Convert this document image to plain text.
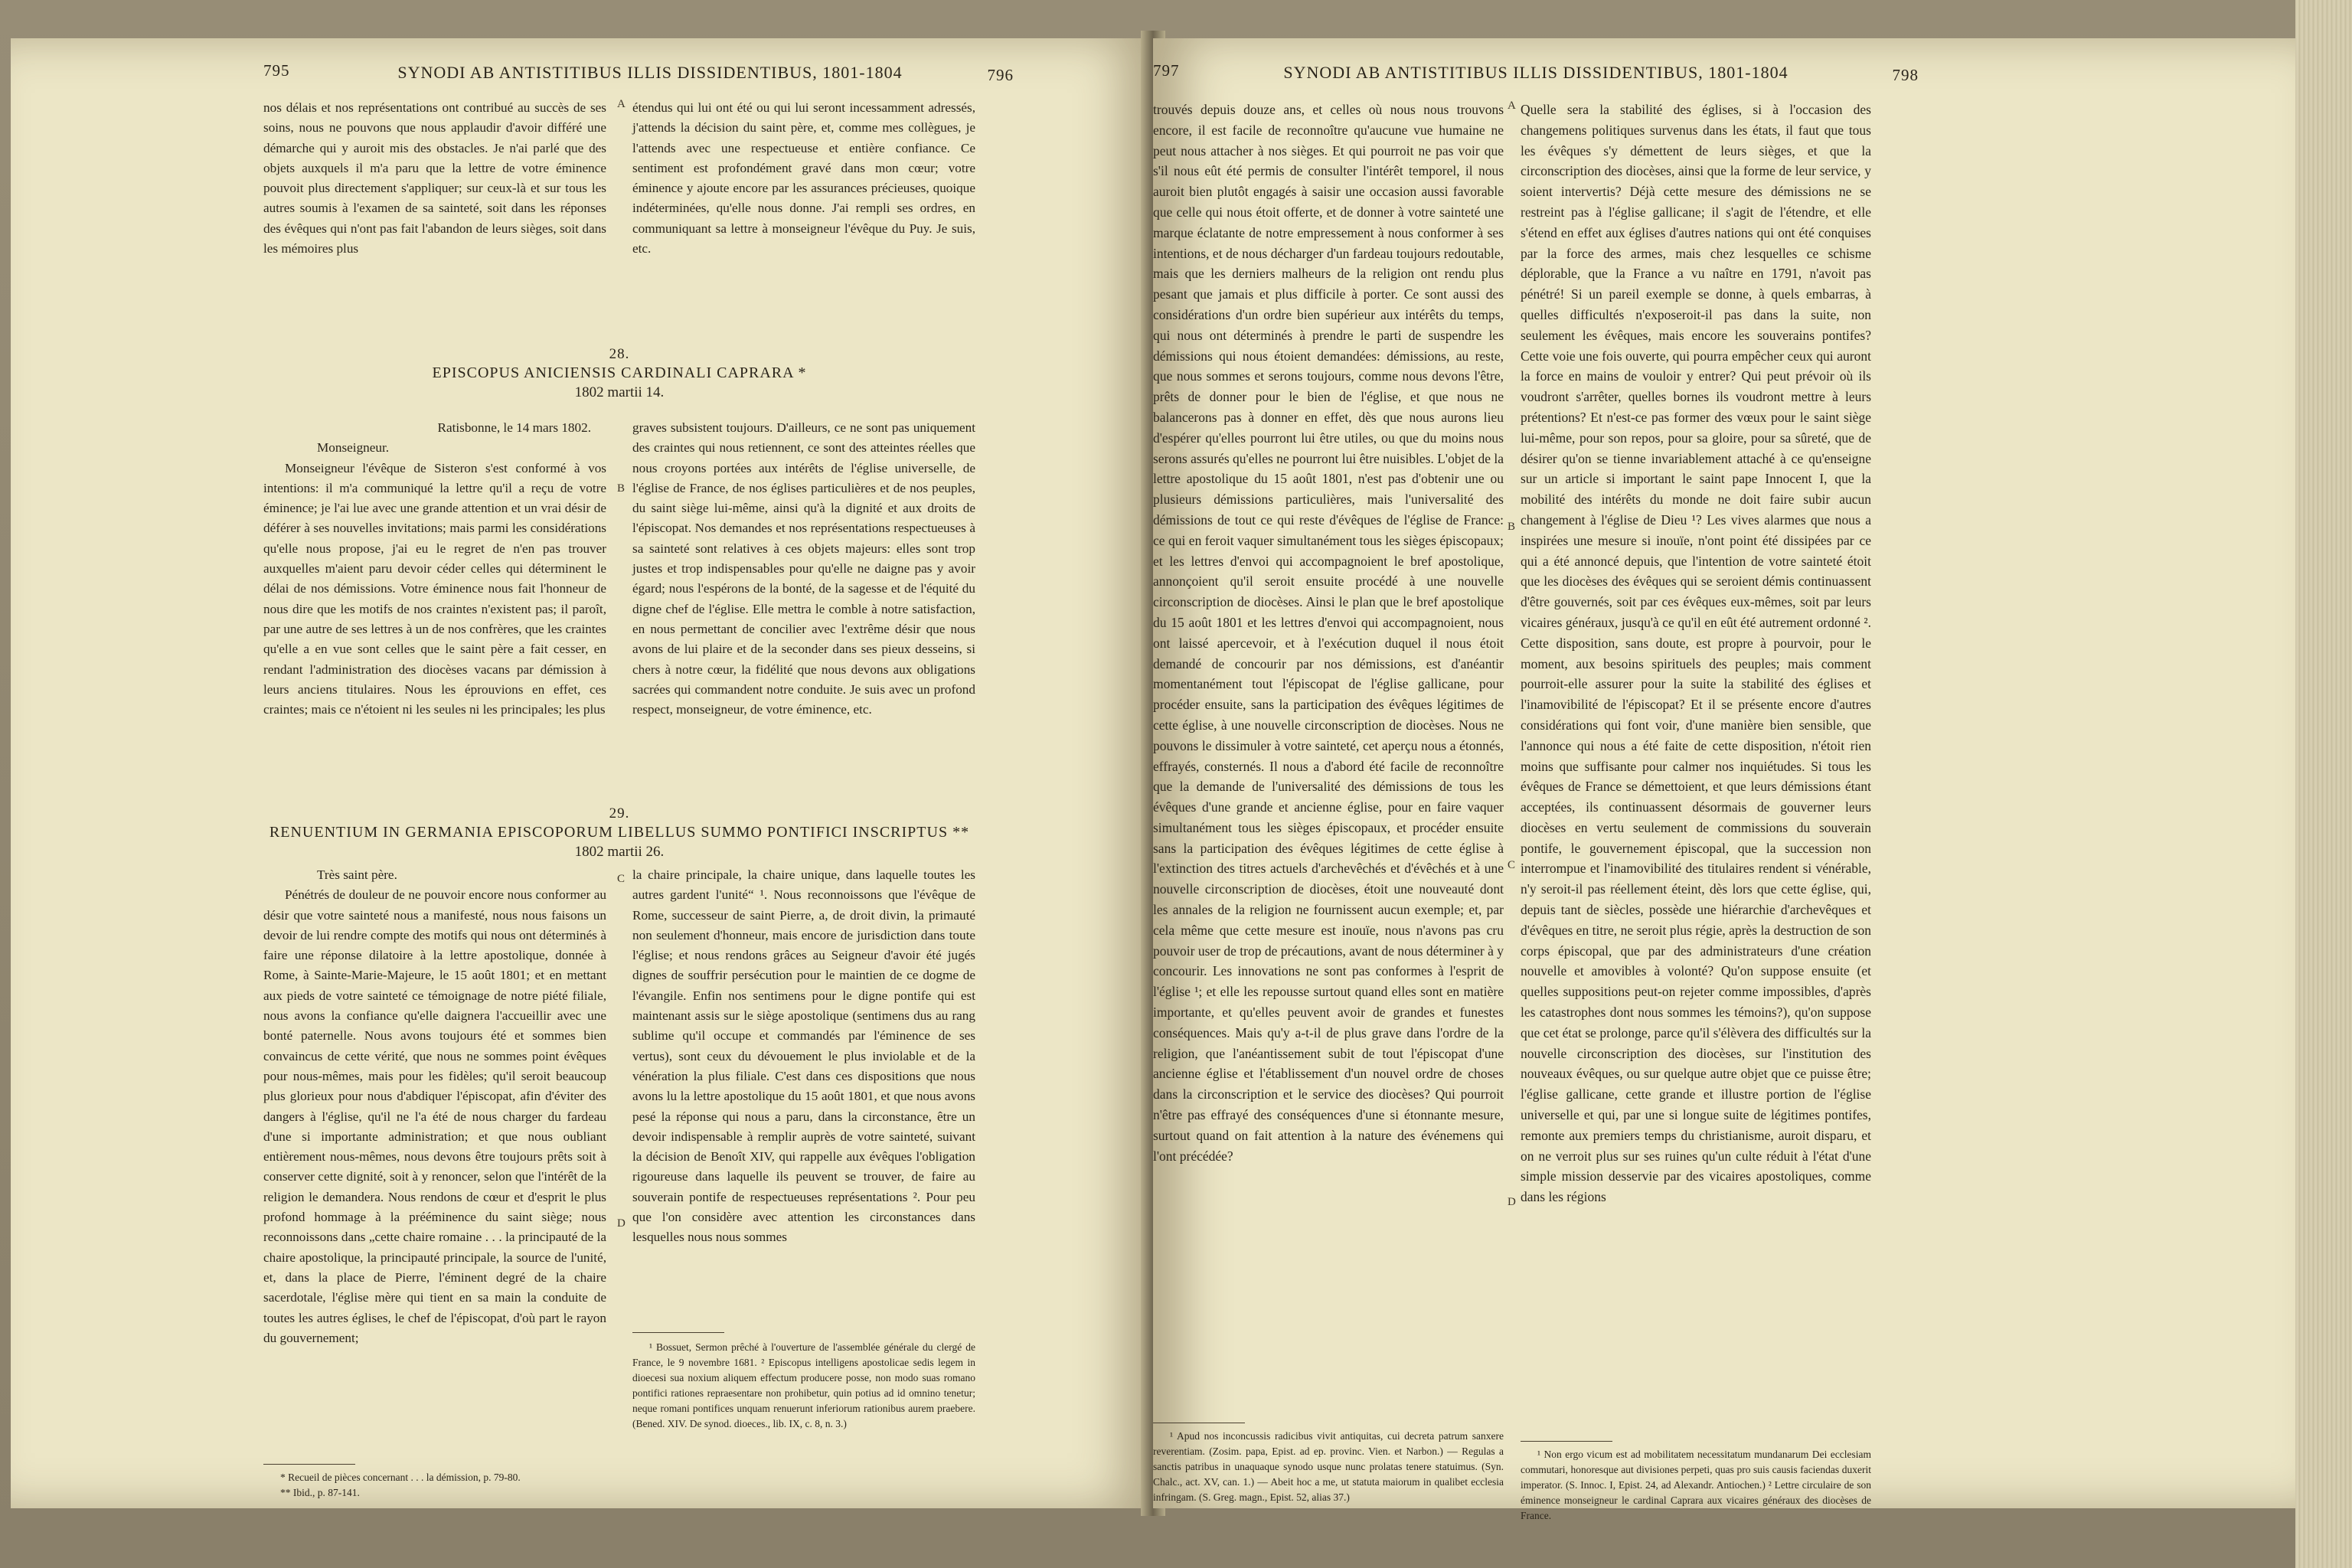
795	SYNODI AB ANTISTITIBUS ILLIS DISSIDENTIBUS, 1801-1804	796

nos délais et nos représentations ont contribué au succès de ses soins, nous ne pouvons que nous applaudir d'avoir différé une démarche qui y auroit mis des obstacles. Je n'ai parlé que des objets auxquels il m'a paru que la lettre de votre éminence pouvoit plus directement s'appliquer; sur ceux-là et sur tous les autres soumis à l'examen de sa sainteté, soit dans les réponses des évêques qui n'ont pas fait l'abandon de leurs sièges, soit dans les mémoires plus

A étendus qui lui ont été ou qui lui seront incessamment adressés, j'attends la décision du saint père, et, comme mes collègues, je l'attends avec une respectueuse et entière confiance. Ce sentiment est profondément gravé dans mon cœur; votre éminence y ajoute encore par les assurances précieuses, quoique indéterminées, qu'elle nous donne. J'ai rempli ses ordres, en communiquant sa lettre à monseigneur l'évêque du Puy. Je suis, etc.

28.
EPISCOPUS ANICIENSIS CARDINALI CAPRARA *
1802 martii 14.

Ratisbonne, le 14 mars 1802.

Monseigneur.

Monseigneur l'évêque de Sisteron s'est conformé à vos intentions: il m'a communiqué la lettre qu'il a reçu de votre éminence; je l'ai lue avec une grande attention et un vrai désir de déférer à ses nouvelles invitations; mais parmi les considérations qu'elle nous propose, j'ai eu le regret de n'en pas trouver auxquelles m'aient paru devoir céder celles qui déterminent le délai de nos démissions. Votre éminence nous fait l'honneur de nous dire que les motifs de nos craintes n'existent pas; il paroît, par une autre de ses lettres à un de nos confrères, que les craintes qu'elle a en vue sont celles que le saint père a fait cesser, en rendant l'administration des diocèses vacans par démission à leurs anciens titulaires. Nous les éprouvions en effet, ces craintes; mais ce n'étoient ni les seules ni les principales; les plus

B

graves subsistent toujours. D'ailleurs, ce ne sont pas uniquement des craintes qui nous retiennent, ce sont des atteintes réelles que nous croyons portées aux intérêts de l'église universelle, de l'église de France, de nos églises particulières et de nos peuples, du saint siège lui-même, ainsi qu'à la dignité et aux droits de l'épiscopat. Nos demandes et nos représentations respectueuses à sa sainteté sont relatives à ces objets majeurs: elles sont trop justes et trop indispensables pour qu'elle ne daigne pas y avoir égard; nous l'espérons de la bonté, de la sagesse et de l'équité du digne chef de l'église. Elle mettra le comble à notre satisfaction, en nous permettant de concilier avec l'extrême désir que nous avons de lui plaire et de la seconder dans ses pieux desseins, si chers à notre cœur, la fidélité que nous devons aux obligations sacrées qui commandent notre conduite. Je suis avec un profond respect, monseigneur, de votre éminence, etc.

29.
RENUENTIUM IN GERMANIA EPISCOPORUM LIBELLUS SUMMO PONTIFICI INSCRIPTUS **
1802 martii 26.

Très saint père.

Pénétrés de douleur de ne pouvoir encore nous conformer au désir que votre sainteté nous a manifesté, nous nous faisons un devoir de lui rendre compte des motifs qui nous ont déterminés à faire une réponse dilatoire à la lettre apostolique, donnée à Rome, à Sainte-Marie-Majeure, le 15 août 1801; et en mettant aux pieds de votre sainteté ce témoignage de notre piété filiale, nous avons la confiance qu'elle daignera l'accueillir avec une bonté paternelle. Nous avons toujours été et sommes bien convaincus de cette vérité, que nous ne sommes point évêques pour nous-mêmes, mais pour les fidèles; qu'il seroit beaucoup plus glorieux pour nous d'abdiquer l'épiscopat, afin d'éviter des dangers à l'église, qu'il ne l'a été de nous charger du fardeau d'une si importante administration; et que nous oubliant entièrement nous-mêmes, nous devons être toujours prêts soit à conserver cette dignité, soit à y renoncer, selon que l'intérêt de la religion le demandera. Nous rendons de cœur et d'esprit le plus profond hommage à la prééminence du saint siège; nous reconnoissons dans „cette chaire romaine . . . la principauté de la chaire apostolique, la principauté principale, la source de l'unité, et, dans la place de Pierre, l'éminent degré de la chaire sacerdotale, l'église mère qui tient en sa main la conduite de toutes les autres églises, le chef de l'épiscopat, d'où part le rayon du gouvernement;

C
D

la chaire principale, la chaire unique, dans laquelle toutes les autres gardent l'unité“ ¹. Nous reconnoissons que l'évêque de Rome, successeur de saint Pierre, a, de droit divin, la primauté non seulement d'honneur, mais encore de jurisdiction dans toute l'église; et nous rendons grâces au Seigneur d'avoir été jugés dignes de souffrir persécution pour le maintien de ce dogme de l'évangile. Enfin nos sentimens pour le digne pontife qui est maintenant assis sur le siège apostolique (sentimens dus au rang sublime qu'il occupe et commandés par l'éminence de ses vertus), sont ceux du dévouement le plus inviolable et de la vénération la plus filiale. C'est dans ces dispositions que nous avons lu la lettre apostolique du 15 août 1801, et que nous avons pesé la réponse qui nous a paru, dans la circonstance, être un devoir indispensable à remplir auprès de votre sainteté, suivant la décision de Benoît XIV, qui rappelle aux évêques l'obligation rigoureuse dans laquelle ils peuvent se trouver, de faire au souverain pontife de respectueuses représentations ². Pour peu que l'on considère avec attention les circonstances dans lesquelles nous nous sommes

¹ Bossuet, Sermon prêché à l'ouverture de l'assemblée générale du clergé de France, le 9 novembre 1681. ² Episcopus intelligens apostolicae sedis legem in dioecesi sua noxium aliquem effectum producere posse, non modo suas romano pontifici rationes repraesentare non prohibetur, quin potius ad id omnino tenetur; neque romani pontifices unquam renuerunt inferiorum rationibus aurem praebere. (Bened. XIV. De synod. dioeces., lib. IX, c. 8, n. 3.)

* Recueil de pièces concernant . . . la démission, p. 79-80.

** Ibid., p. 87-141.

797	SYNODI AB ANTISTITIBUS ILLIS DISSIDENTIBUS, 1801-1804	798

trouvés depuis douze ans, et celles où nous nous trouvons encore, il est facile de reconnoître qu'aucune vue humaine ne peut nous attacher à nos sièges. Et qui pourroit ne pas voir que s'il nous eût été permis de consulter l'intérêt temporel, il nous auroit bien plutôt engagés à saisir une occasion aussi favorable que celle qui nous étoit offerte, et de donner à votre sainteté une marque éclatante de notre empressement à nous conformer à ses intentions, et de nous décharger d'un fardeau toujours redoutable, mais que les derniers malheurs de la religion ont rendu plus pesant que jamais et plus difficile à porter. Ce sont aussi des considérations d'un ordre bien supérieur aux intérêts du temps, qui nous ont déterminés à prendre le parti de suspendre les démissions qui nous étoient demandées: démissions, au reste, que nous sommes et serons toujours, comme nous devons l'être, prêts de donner pour le bien de l'église, et que nous ne balancerons pas à donner en effet, dès que nous aurons lieu d'espérer qu'elles pourront lui être utiles, ou que du moins nous serons assurés qu'elles ne pourront lui être nuisibles. L'objet de la lettre apostolique du 15 août 1801, n'est pas d'obtenir une ou plusieurs démissions particulières, mais l'universalité des démissions de tout ce qui reste d'évêques de l'église de France: ce qui en feroit vaquer simultanément tous les sièges épiscopaux; et les lettres d'envoi qui accompagnoient le bref apostolique, annonçoient qu'il seroit ensuite procédé à une nouvelle circonscription de diocèses. Ainsi le plan que le bref apostolique du 15 août 1801 et les lettres d'envoi qui accompagnoient, nous ont laissé apercevoir, et à l'exécution duquel il nous étoit demandé de concourir par nos démissions, est d'anéantir momentanément tout l'épiscopat de l'église gallicane, pour procéder ensuite, sans la participation des évêques légitimes de cette église, à une nouvelle circonscription de diocèses. Nous ne pouvons le dissimuler à votre sainteté, cet aperçu nous a étonnés, effrayés, consternés. Il nous a d'abord été facile de reconnoître que la demande de l'universalité des démissions de tous les évêques d'une grande et ancienne église, pour en faire vaquer simultanément tous les sièges épiscopaux, et procéder ensuite sans la participation des évêques légitimes de cette église à l'extinction des titres actuels d'archevêchés et d'évêchés et à une nouvelle circonscription de diocèses, étoit une nouveauté dont les annales de la religion ne fournissent aucun exemple; et, par cela même que cette mesure est inouïe, nous n'avons pas cru pouvoir user de trop de précautions, avant de nous déterminer à y concourir. Les innovations ne sont pas conformes à l'esprit de l'église ¹; et elle les repousse surtout quand elles sont en matière importante, et qu'elles peuvent avoir de grandes et funestes conséquences. Mais qu'y a-t-il de plus grave dans l'ordre de la religion, que l'anéantissement subit de tout l'épiscopat d'une ancienne église et l'établissement d'un nouvel ordre de choses dans la circonscription et le service des diocèses? Qui pourroit n'être pas effrayé des conséquences d'une si étonnante mesure, surtout quand on fait attention à la nature des événemens qui l'ont précédée?

A
B
C
D

Quelle sera la stabilité des églises, si à l'occasion des changemens politiques survenus dans les états, il faut que tous les évêques s'y démettent de leurs sièges, et que la circonscription des diocèses, ainsi que la forme de leur service, y soient intervertis? Déjà cette mesure des démissions ne se restreint pas à l'église gallicane; il s'agit de l'étendre, et elle s'étend en effet aux églises d'autres nations qui ont été conquises par la force des armes, mais chez lesquelles ce schisme déplorable, que la France a vu naître en 1791, n'avoit pas pénétré! Si un pareil exemple se donne, à quels embarras, à quelles difficultés n'exposeroit-il pas dans la suite, non seulement les évêques, mais encore les souverains pontifes? Cette voie une fois ouverte, qui pourra empêcher ceux qui auront la force en mains de vouloir y entrer? Qui peut prévoir où ils voudront s'arrêter, quelles bornes ils voudront mettre à leurs prétentions? Et n'est-ce pas former des vœux pour le saint siège lui-même, pour son repos, pour sa gloire, pour sa sûreté, que de désirer qu'on se tienne invariablement attaché à ce qu'enseigne sur un article si important le saint pape Innocent I, que la mobilité des intérêts du monde ne doit faire subir aucun changement à l'église de Dieu ¹? Les vives alarmes que nous a inspirées une mesure si inouïe, n'ont point été dissipées par ce qui a été annoncé depuis, que l'intention de votre sainteté étoit que les diocèses des évêques qui se seroient démis continuassent d'être gouvernés, soit par ces évêques eux-mêmes, soit par leurs vicaires généraux, jusqu'à ce qu'il en eût été autrement ordonné ². Cette disposition, sans doute, est propre à pourvoir, pour le moment, aux besoins spirituels des peuples; mais comment pourroit-elle assurer pour la suite la stabilité des églises et l'inamovibilité de l'épiscopat? Et il se présente encore d'autres considérations qui font voir, d'une manière bien sensible, que l'annonce qui nous a été faite de cette disposition, n'étoit rien moins que suffisante pour calmer nos inquiétudes. Si tous les évêques de France se démettoient, et que leurs démissions étant acceptées, ils continuassent désormais de gouverner leurs diocèses en vertu seulement de commissions du souverain pontife, le gouvernement épiscopal, que la succession non interrompue et l'inamovibilité des titulaires rendent si vénérable, n'y seroit-il pas réellement éteint, dès lors que cette église, qui, depuis tant de siècles, possède une hiérarchie d'archevêques et d'évêques en titre, ne seroit plus régie, après la destruction de son corps épiscopal, que par des administrateurs d'une création nouvelle et amovibles à volonté? Qu'on suppose ensuite (et quelles suppositions peut-on rejeter comme impossibles, d'après les catastrophes dont nous sommes les témoins?), qu'on suppose que cet état se prolonge, parce qu'il s'élèvera des difficultés sur la nouvelle circonscription des diocèses, sur l'institution des nouveaux évêques, ou sur quelque autre objet que ce puisse être; l'église gallicane, cette grande et illustre portion de l'église universelle et qui, par une si longue suite de légitimes pontifes, remonte aux premiers temps du christianisme, auroit disparu, et on ne verroit plus sur ses ruines qu'un culte réduit à l'état d'une simple mission desservie par des vicaires apostoliques, comme dans les régions

¹ Apud nos inconcussis radicibus vivit antiquitas, cui decreta patrum sanxere reverentiam. (Zosim. papa, Epist. ad ep. provinc. Vien. et Narbon.) — Regulas a sanctis patribus in unaquaque synodo usque nunc prolatas tenere statuimus. (Syn. Chalc., act. XV, can. 1.) — Abeit hoc a me, ut statuta maiorum in qualibet ecclesia infringam. (S. Greg. magn., Epist. 52, alias 37.)

¹ Non ergo vicum est ad mobilitatem necessitatum mundanarum Dei ecclesiam commutari, honoresque aut divisiones perpeti, quas pro suis causis faciendas duxerit imperator. (S. Innoc. I, Epist. 24, ad Alexandr. Antiochen.) ² Lettre circulaire de son éminence monseigneur le cardinal Caprara aux vicaires généraux des diocèses de France.
